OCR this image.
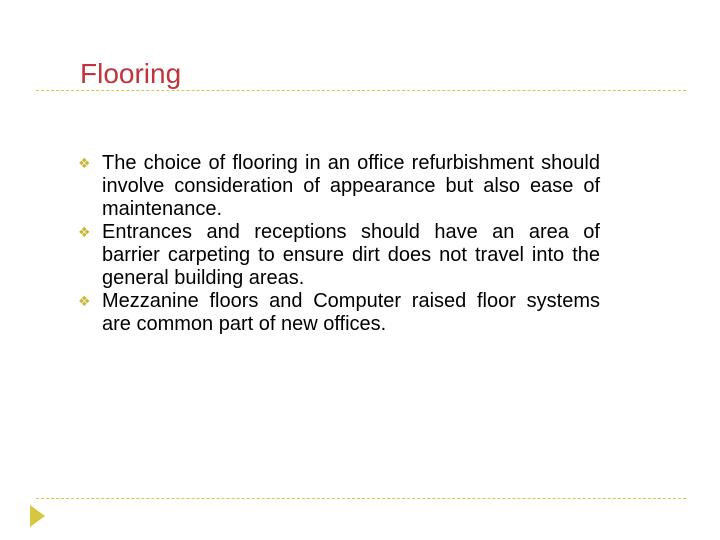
Flooring
❖ The choice of flooring in an office refurbishment should involve consideration of appearance but also ease of maintenance.
❖ Entrances and receptions should have an area of barrier carpeting to ensure dirt does not travel into the general building areas.
❖ Mezzanine floors and Computer raised floor systems are common part of new offices.
